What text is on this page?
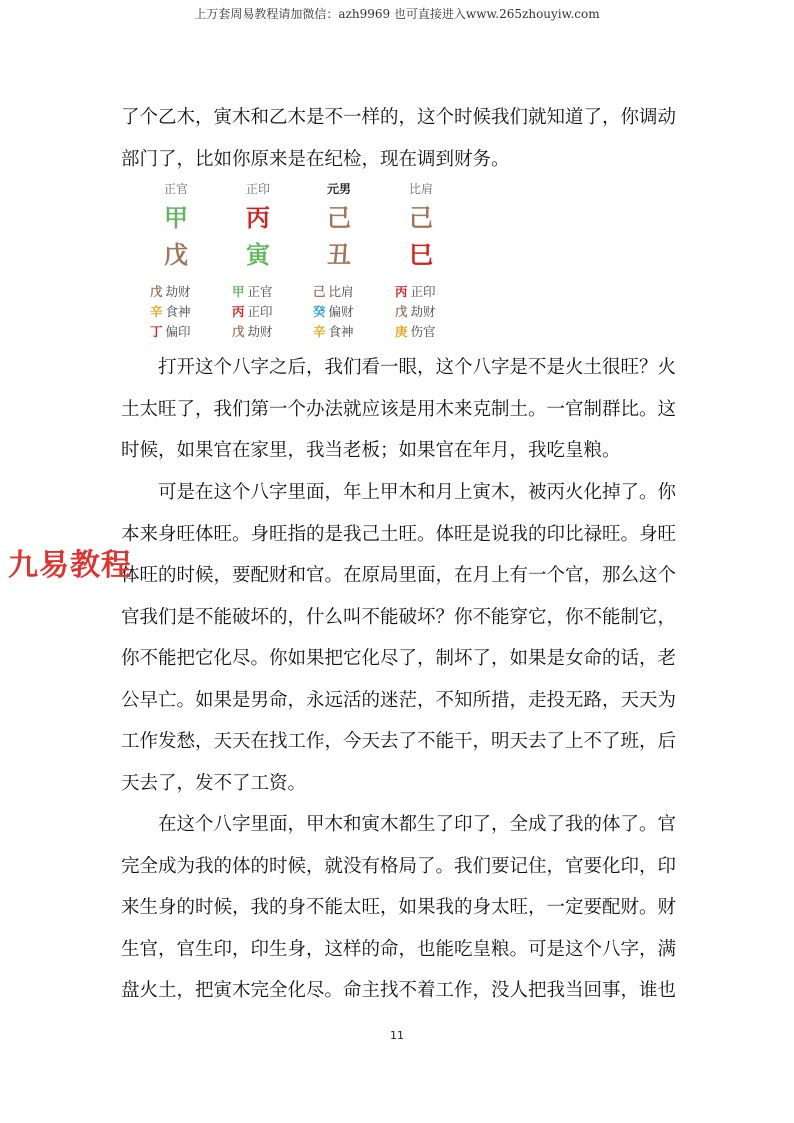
上万套周易教程请加微信：azh9969 也可直接进入www.265zhouyiw.com
了个乙木，寅木和乙木是不一样的，这个时候我们就知道了，你调动
部门了，比如你原来是在纪检，现在调到财务。
正官
甲
戊
戊 劫财
辛 食神
丁 偏印
正印
丙
寅
甲 正官
丙 正印
戊 劫财
元男
己
丑
己 比肩
癸 偏财
辛 食神
比肩
己
巳
丙 正印
戊 劫财
庚 伤官
打开这个八字之后，我们看一眼，这个八字是不是火土很旺？火
土太旺了，我们第一个办法就应该是用木来克制土。一官制群比。这
时候，如果官在家里，我当老板；如果官在年月，我吃皇粮。
可是在这个八字里面，年上甲木和月上寅木，被丙火化掉了。你
本来身旺体旺。身旺指的是我己土旺。体旺是说我的印比禄旺。身旺
体旺的时候，要配财和官。在原局里面，在月上有一个官，那么这个
官我们是不能破坏的，什么叫不能破坏？你不能穿它，你不能制它，
你不能把它化尽。你如果把它化尽了，制坏了，如果是女命的话，老
公早亡。如果是男命，永远活的迷茫，不知所措，走投无路，天天为
工作发愁，天天在找工作，今天去了不能干，明天去了上不了班，后
天去了，发不了工资。
在这个八字里面，甲木和寅木都生了印了，全成了我的体了。官
完全成为我的体的时候，就没有格局了。我们要记住，官要化印，印
来生身的时候，我的身不能太旺，如果我的身太旺，一定要配财。财
生官，官生印，印生身，这样的命，也能吃皇粮。可是这个八字，满
盘火土，把寅木完全化尽。命主找不着工作，没人把我当回事，谁也
九易教程
11
